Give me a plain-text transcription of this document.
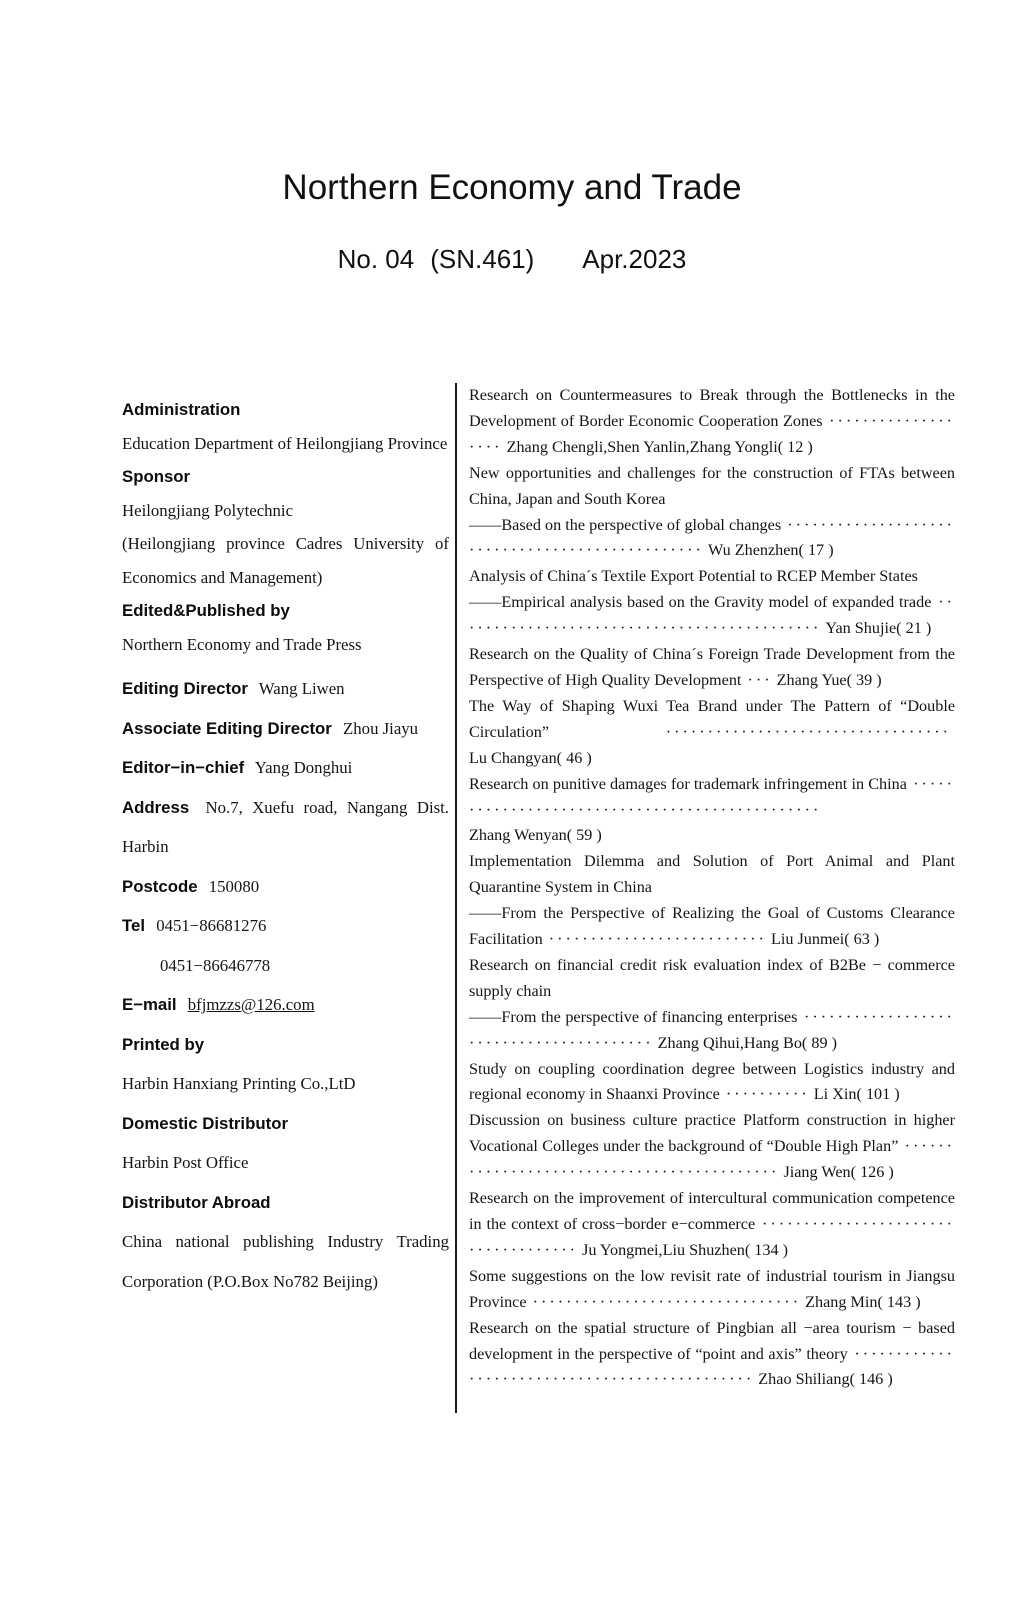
Northern Economy and Trade
No. 04 (SN.461) Apr.2023
Administration
Education Department of Heilongjiang Province
Sponsor
Heilongjiang Polytechnic
(Heilongjiang province Cadres University of Economics and Management)
Edited&Published by
Northern Economy and Trade Press
Editing Director Wang Liwen
Associate Editing Director Zhou Jiayu
Editor−in−chief Yang Donghui
Address No.7, Xuefu road, Nangang Dist. Harbin
Postcode 150080
Tel 0451−86681276
0451−86646778
E−mail bfjmzzs@126.com
Printed by
Harbin Hanxiang Printing Co.,LtD
Domestic Distributor
Harbin Post Office
Distributor Abroad
China national publishing Industry Trading Corporation (P.O.Box No782 Beijing)
Research on Countermeasures to Break through the Bottlenecks in the Development of Border Economic Cooperation Zones ··················· Zhang Chengli,Shen Yanlin,Zhang Yongli( 12 )
New opportunities and challenges for the construction of FTAs between China, Japan and South Korea ——Based on the perspective of global changes ················································ Wu Zhenzhen( 17 )
Analysis of China´s Textile Export Potential to RCEP Member States ——Empirical analysis based on the Gravity model of expanded trade ············································ Yan Shujie( 21 )
Research on the Quality of China´s Foreign Trade Development from the Perspective of High Quality Development ··· Zhang Yue( 39 )
The Way of Shaping Wuxi Tea Brand under The Pattern of “Double Circulation”	··································Lu Changyan( 46 )
Research on punitive damages for trademark infringement in China ···············································Zhang Wenyan( 59 )
Implementation Dilemma and Solution of Port Animal and Plant Quarantine System in China ——From the Perspective of Realizing the Goal of Customs Clearance Facilitation ·························· Liu Junmei( 63 )
Research on financial credit risk evaluation index of B2Be − commerce supply chain ——From the perspective of financing enterprises ········································ Zhang Qihui,Hang Bo( 89 )
Study on coupling coordination degree between Logistics industry and regional economy in Shaanxi Province ·········· Li Xin( 101 )
Discussion on business culture practice Platform construction in higher Vocational Colleges under the background of “Double High Plan” ··········································· Jiang Wen( 126 )
Research on the improvement of intercultural communication competence in the context of cross−border e−commerce ···································· Ju Yongmei,Liu Shuzhen( 134 )
Some suggestions on the low revisit rate of industrial tourism in Jiangsu Province ································ Zhang Min( 143 )
Research on the spatial structure of Pingbian all −area tourism − based development in the perspective of “point and axis” theory ·············································· Zhao Shiliang( 146 )
